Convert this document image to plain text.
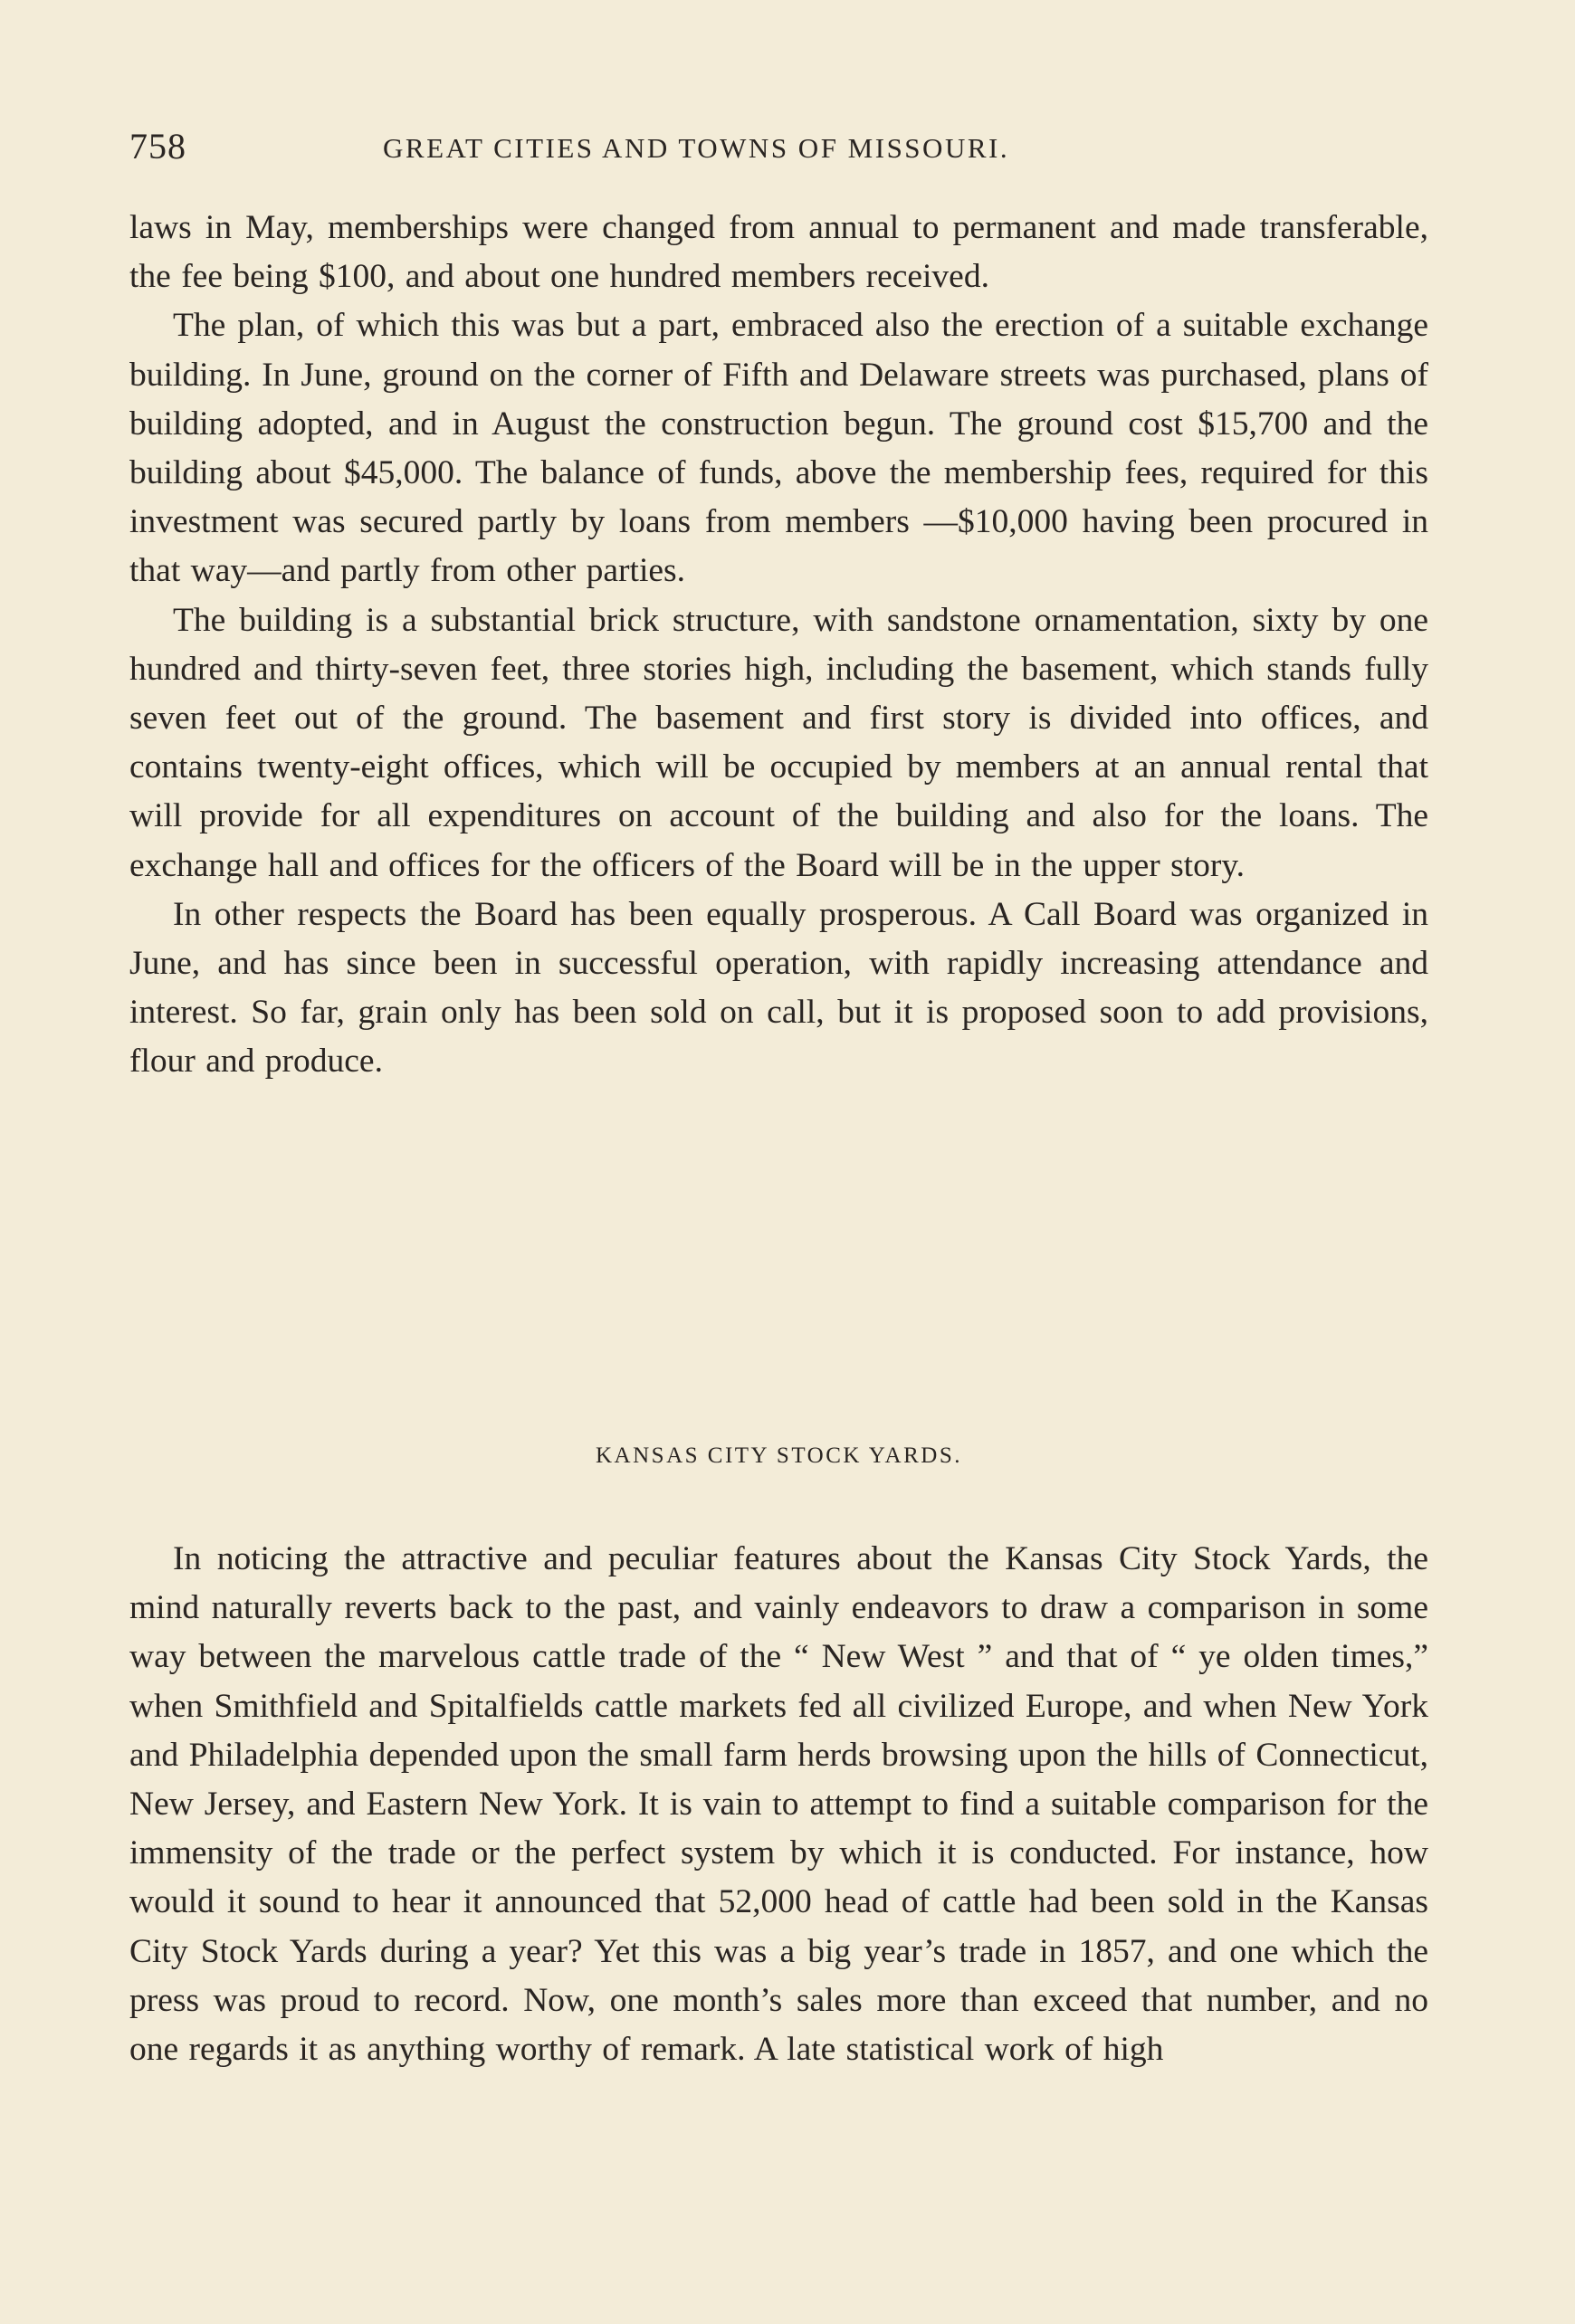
758	GREAT CITIES AND TOWNS OF MISSOURI.

laws in May, memberships were changed from annual to permanent and made transferable, the fee being $100, and about one hundred members received.

The plan, of which this was but a part, embraced also the erection of a suitable exchange building. In June, ground on the corner of Fifth and Delaware streets was purchased, plans of building adopted, and in August the construction begun. The ground cost $15,700 and the building about $45,000. The balance of funds, above the membership fees, required for this investment was secured partly by loans from members —$10,000 having been procured in that way—and partly from other parties.

The building is a substantial brick structure, with sandstone ornamentation, sixty by one hundred and thirty-seven feet, three stories high, including the basement, which stands fully seven feet out of the ground. The basement and first story is divided into offices, and contains twenty-eight offices, which will be occupied by members at an annual rental that will provide for all expenditures on account of the building and also for the loans. The exchange hall and offices for the officers of the Board will be in the upper story.

In other respects the Board has been equally prosperous. A Call Board was organized in June, and has since been in successful operation, with rapidly increasing attendance and interest. So far, grain only has been sold on call, but it is proposed soon to add provisions, flour and produce.

KANSAS CITY STOCK YARDS.

In noticing the attractive and peculiar features about the Kansas City Stock Yards, the mind naturally reverts back to the past, and vainly endeavors to draw a comparison in some way between the marvelous cattle trade of the “ New West ” and that of “ ye olden times,” when Smithfield and Spitalfields cattle markets fed all civilized Europe, and when New York and Philadelphia depended upon the small farm herds browsing upon the hills of Connecticut, New Jersey, and Eastern New York. It is vain to attempt to find a suitable comparison for the immensity of the trade or the perfect system by which it is conducted. For instance, how would it sound to hear it announced that 52,000 head of cattle had been sold in the Kansas City Stock Yards during a year? Yet this was a big year’s trade in 1857, and one which the press was proud to record. Now, one month’s sales more than exceed that number, and no one regards it as anything worthy of remark. A late statistical work of high
